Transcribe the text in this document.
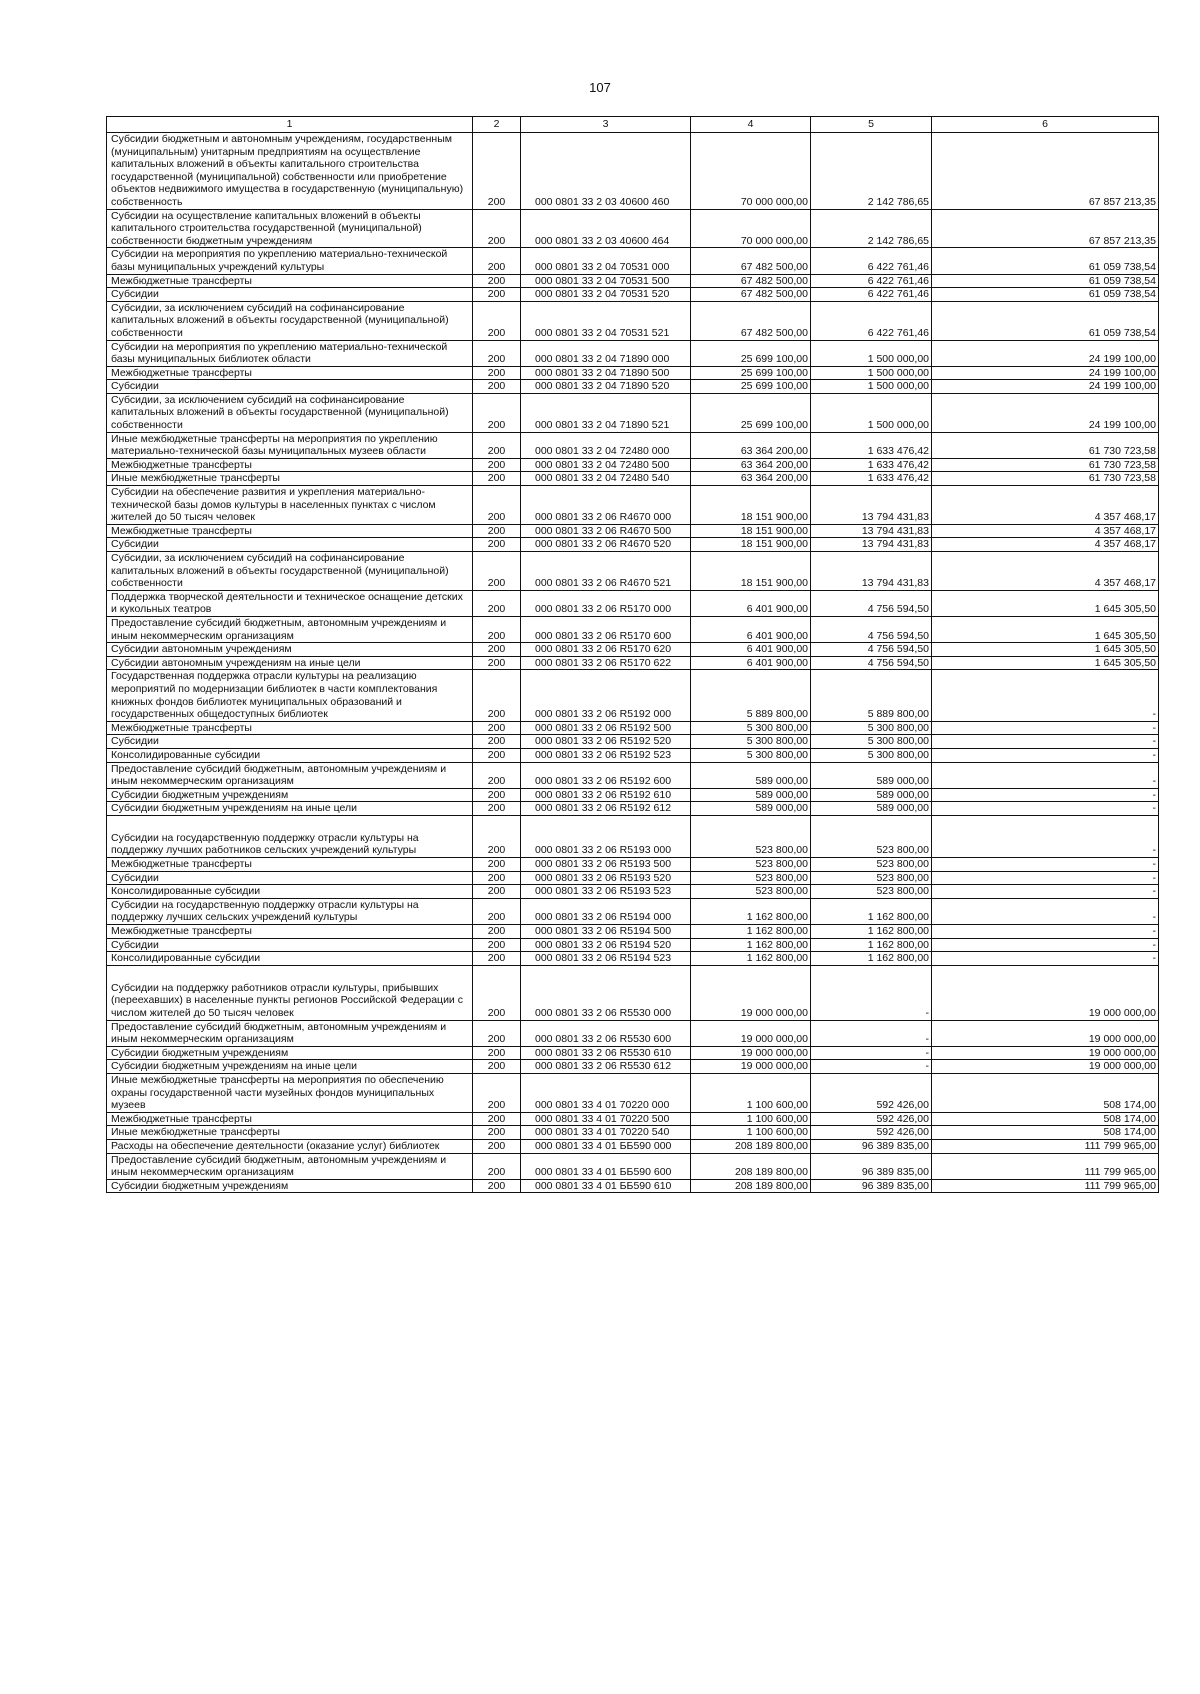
107
1	2	3	4	5	6
Субсидии бюджетным и автономным учреждениям, государственным (муниципальным) унитарным предприятиям на осуществление капитальных вложений в объекты капитального строительства государственной (муниципальной) собственности или приобретение объектов недвижимого имущества в государственную (муниципальную) собственность	200	000 0801 33 2 03 40600 460	70 000 000,00	2 142 786,65	67 857 213,35
Субсидии на осуществление капитальных вложений в объекты капитального строительства государственной (муниципальной) собственности бюджетным учреждениям	200	000 0801 33 2 03 40600 464	70 000 000,00	2 142 786,65	67 857 213,35
Субсидии на мероприятия по укреплению материально-технической базы муниципальных учреждений культуры	200	000 0801 33 2 04 70531 000	67 482 500,00	6 422 761,46	61 059 738,54
Межбюджетные трансферты	200	000 0801 33 2 04 70531 500	67 482 500,00	6 422 761,46	61 059 738,54
Субсидии	200	000 0801 33 2 04 70531 520	67 482 500,00	6 422 761,46	61 059 738,54
Субсидии, за исключением субсидий на софинансирование капитальных вложений в объекты государственной (муниципальной) собственности	200	000 0801 33 2 04 70531 521	67 482 500,00	6 422 761,46	61 059 738,54
Субсидии на мероприятия по укреплению материально-технической базы муниципальных библиотек области	200	000 0801 33 2 04 71890 000	25 699 100,00	1 500 000,00	24 199 100,00
Межбюджетные трансферты	200	000 0801 33 2 04 71890 500	25 699 100,00	1 500 000,00	24 199 100,00
Субсидии	200	000 0801 33 2 04 71890 520	25 699 100,00	1 500 000,00	24 199 100,00
Субсидии, за исключением субсидий на софинансирование капитальных вложений в объекты государственной (муниципальной) собственности	200	000 0801 33 2 04 71890 521	25 699 100,00	1 500 000,00	24 199 100,00
Иные межбюджетные трансферты на мероприятия по укреплению материально-технической базы муниципальных музеев области	200	000 0801 33 2 04 72480 000	63 364 200,00	1 633 476,42	61 730 723,58
Межбюджетные трансферты	200	000 0801 33 2 04 72480 500	63 364 200,00	1 633 476,42	61 730 723,58
Иные межбюджетные трансферты	200	000 0801 33 2 04 72480 540	63 364 200,00	1 633 476,42	61 730 723,58
Субсидии на обеспечение развития и укрепления материально-технической базы домов культуры в населенных пунктах с числом жителей до 50 тысяч человек	200	000 0801 33 2 06 R4670 000	18 151 900,00	13 794 431,83	4 357 468,17
Межбюджетные трансферты	200	000 0801 33 2 06 R4670 500	18 151 900,00	13 794 431,83	4 357 468,17
Субсидии	200	000 0801 33 2 06 R4670 520	18 151 900,00	13 794 431,83	4 357 468,17
Субсидии, за исключением субсидий на софинансирование капитальных вложений в объекты государственной (муниципальной) собственности	200	000 0801 33 2 06 R4670 521	18 151 900,00	13 794 431,83	4 357 468,17
Поддержка творческой деятельности и техническое оснащение детских и кукольных театров	200	000 0801 33 2 06 R5170 000	6 401 900,00	4 756 594,50	1 645 305,50
Предоставление субсидий бюджетным, автономным учреждениям и иным некоммерческим организациям	200	000 0801 33 2 06 R5170 600	6 401 900,00	4 756 594,50	1 645 305,50
Субсидии автономным учреждениям	200	000 0801 33 2 06 R5170 620	6 401 900,00	4 756 594,50	1 645 305,50
Субсидии автономным учреждениям на иные цели	200	000 0801 33 2 06 R5170 622	6 401 900,00	4 756 594,50	1 645 305,50
Государственная поддержка отрасли культуры на реализацию мероприятий по модернизации библиотек в части комплектования книжных фондов библиотек муниципальных образований и государственных общедоступных библиотек	200	000 0801 33 2 06 R5192 000	5 889 800,00	5 889 800,00	-
Межбюджетные трансферты	200	000 0801 33 2 06 R5192 500	5 300 800,00	5 300 800,00	-
Субсидии	200	000 0801 33 2 06 R5192 520	5 300 800,00	5 300 800,00	-
Консолидированные субсидии	200	000 0801 33 2 06 R5192 523	5 300 800,00	5 300 800,00	-
Предоставление субсидий бюджетным, автономным учреждениям и иным некоммерческим организациям	200	000 0801 33 2 06 R5192 600	589 000,00	589 000,00	-
Субсидии бюджетным учреждениям	200	000 0801 33 2 06 R5192 610	589 000,00	589 000,00	-
Субсидии бюджетным учреждениям на иные цели	200	000 0801 33 2 06 R5192 612	589 000,00	589 000,00	-
Субсидии на государственную поддержку отрасли культуры на поддержку лучших работников сельских учреждений культуры	200	000 0801 33 2 06 R5193 000	523 800,00	523 800,00	-
Межбюджетные трансферты	200	000 0801 33 2 06 R5193 500	523 800,00	523 800,00	-
Субсидии	200	000 0801 33 2 06 R5193 520	523 800,00	523 800,00	-
Консолидированные субсидии	200	000 0801 33 2 06 R5193 523	523 800,00	523 800,00	-
Субсидии на государственную поддержку отрасли культуры на поддержку лучших сельских учреждений культуры	200	000 0801 33 2 06 R5194 000	1 162 800,00	1 162 800,00	-
Межбюджетные трансферты	200	000 0801 33 2 06 R5194 500	1 162 800,00	1 162 800,00	-
Субсидии	200	000 0801 33 2 06 R5194 520	1 162 800,00	1 162 800,00	-
Консолидированные субсидии	200	000 0801 33 2 06 R5194 523	1 162 800,00	1 162 800,00	-
Субсидии на поддержку работников отрасли культуры, прибывших (переехавших) в населенные пункты регионов Российской Федерации с числом жителей до 50 тысяч человек	200	000 0801 33 2 06 R5530 000	19 000 000,00	-	19 000 000,00
Предоставление субсидий бюджетным, автономным учреждениям и иным некоммерческим организациям	200	000 0801 33 2 06 R5530 600	19 000 000,00	-	19 000 000,00
Субсидии бюджетным учреждениям	200	000 0801 33 2 06 R5530 610	19 000 000,00	-	19 000 000,00
Субсидии бюджетным учреждениям на иные цели	200	000 0801 33 2 06 R5530 612	19 000 000,00	-	19 000 000,00
Иные межбюджетные трансферты на мероприятия по обеспечению охраны государственной части музейных фондов муниципальных музеев	200	000 0801 33 4 01 70220 000	1 100 600,00	592 426,00	508 174,00
Межбюджетные трансферты	200	000 0801 33 4 01 70220 500	1 100 600,00	592 426,00	508 174,00
Иные межбюджетные трансферты	200	000 0801 33 4 01 70220 540	1 100 600,00	592 426,00	508 174,00
Расходы на обеспечение деятельности (оказание услуг) библиотек	200	000 0801 33 4 01 ББ590 000	208 189 800,00	96 389 835,00	111 799 965,00
Предоставление субсидий бюджетным, автономным учреждениям и иным некоммерческим организациям	200	000 0801 33 4 01 ББ590 600	208 189 800,00	96 389 835,00	111 799 965,00
Субсидии бюджетным учреждениям	200	000 0801 33 4 01 ББ590 610	208 189 800,00	96 389 835,00	111 799 965,00
